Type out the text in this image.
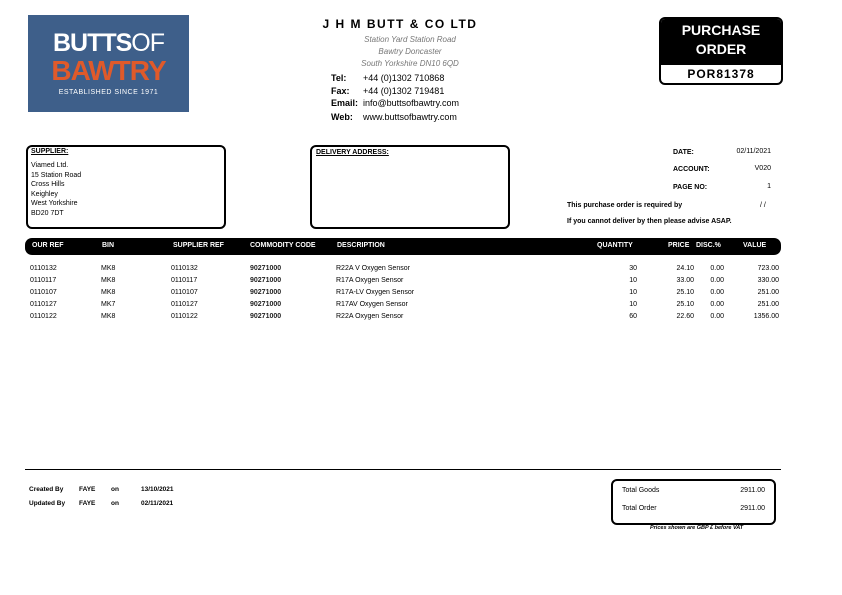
BUTTSOF
BAWTRY
ESTABLISHED SINCE 1971
J H M BUTT & CO LTD
Station Yard Station Road
Bawtry Doncaster
South Yorkshire DN10 6QD
Tel: +44 (0)1302 710868
Fax: +44 (0)1302 719481
Email: info@buttsofbawtry.com
Web: www.buttsofbawtry.com
PURCHASE
ORDER
POR81378
SUPPLIER:
Viamed Ltd.
15 Station Road
Cross Hills
Keighley
West Yorkshire
BD20 7DT
DELIVERY ADDRESS:	DATE:	02/11/2021
ACCOUNT:	V020
PAGE NO:	1
This purchase order is required by	/ /
If you cannot deliver by then please advise ASAP.
OUR REF	BIN	SUPPLIER REF	COMMODITY CODE	DESCRIPTION	QUANTITY	PRICE DISC.%	VALUE
0110132	MK8	0110132	90271000	R22A V Oxygen Sensor	30	24.10	0.00	723.00
0110117	MK8	0110117	90271000	R17A Oxygen Sensor	10	33.00	0.00	330.00
0110107	MK8	0110107	90271000	R17A-LV Oxygen Sensor	10	25.10	0.00	251.00
0110127	MK7	0110127	90271000	R17AV Oxygen Sensor	10	25.10	0.00	251.00
0110122	MK8	0110122	90271000	R22A Oxygen Sensor	60	22.60	0.00	1356.00
Created By FAYE on	13/10/2021
Updated By FAYE on	02/11/2021
Total Goods	2911.00
Total Order	2911.00
Prices shown are GBP £ before VAT
